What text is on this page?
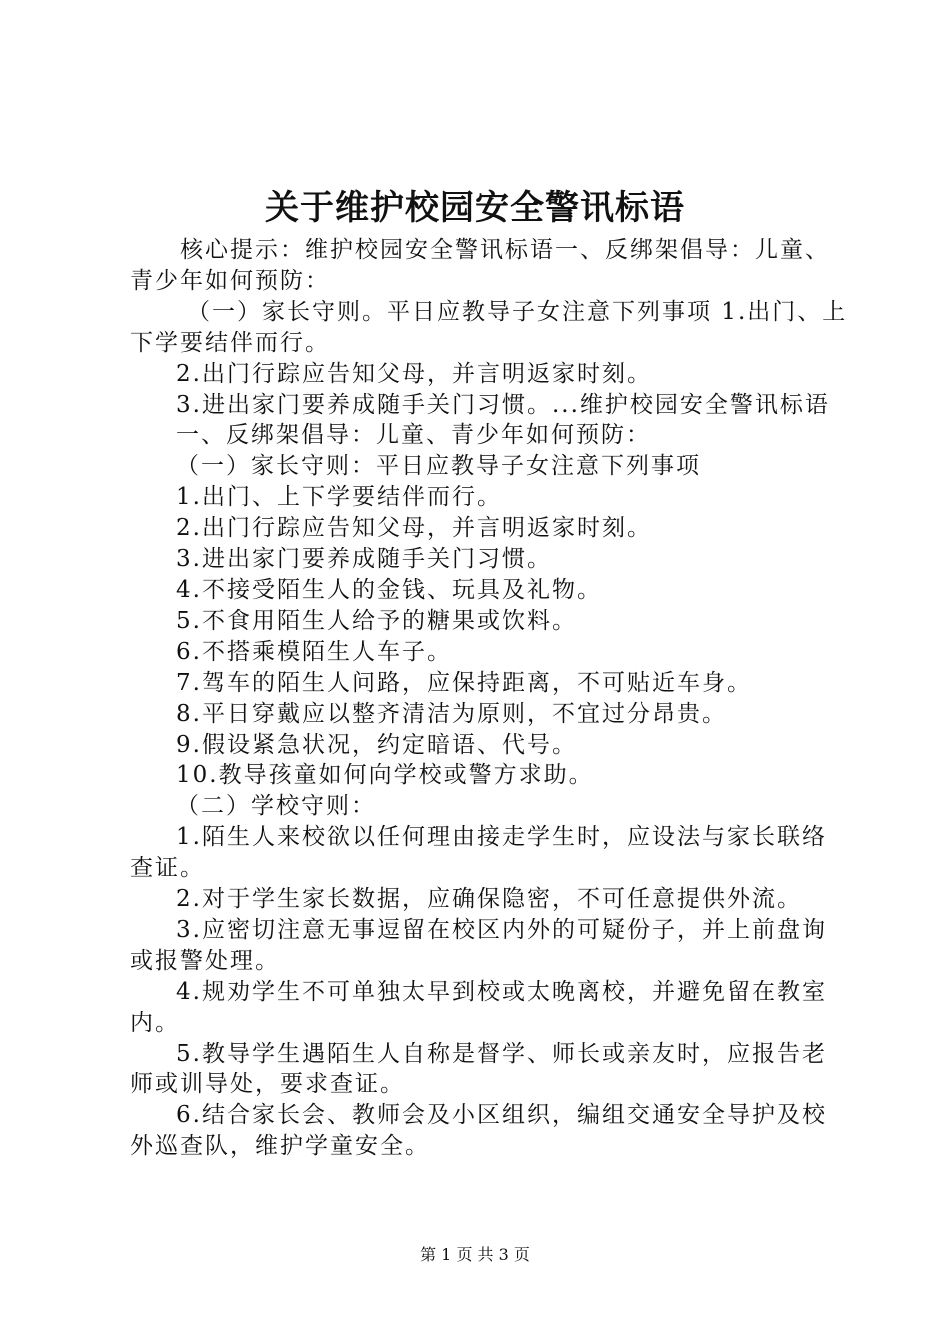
关于维护校园安全警讯标语

核心提示：维护校园安全警讯标语一、反绑架倡导：儿童、青少年如何预防：

（一）家长守则。平日应教导子女注意下列事项 1.出门、上下学要结伴而行。

2.出门行踪应告知父母，并言明返家时刻。

3.进出家门要养成随手关门习惯。...维护校园安全警讯标语

一、反绑架倡导：儿童、青少年如何预防：

（一）家长守则：平日应教导子女注意下列事项

1.出门、上下学要结伴而行。

2.出门行踪应告知父母，并言明返家时刻。

3.进出家门要养成随手关门习惯。

4.不接受陌生人的金钱、玩具及礼物。

5.不食用陌生人给予的糖果或饮料。

6.不搭乘模陌生人车子。

7.驾车的陌生人问路，应保持距离，不可贴近车身。

8.平日穿戴应以整齐清洁为原则，不宜过分昂贵。

9.假设紧急状况，约定暗语、代号。

10.教导孩童如何向学校或警方求助。

（二）学校守则：

1.陌生人来校欲以任何理由接走学生时，应设法与家长联络查证。

2.对于学生家长数据，应确保隐密，不可任意提供外流。

3.应密切注意无事逗留在校区内外的可疑份子，并上前盘询或报警处理。

4.规劝学生不可单独太早到校或太晚离校，并避免留在教室内。

5.教导学生遇陌生人自称是督学、师长或亲友时，应报告老师或训导处，要求查证。

6.结合家长会、教师会及小区组织，编组交通安全导护及校外巡查队，维护学童安全。

第 1 页 共 3 页
